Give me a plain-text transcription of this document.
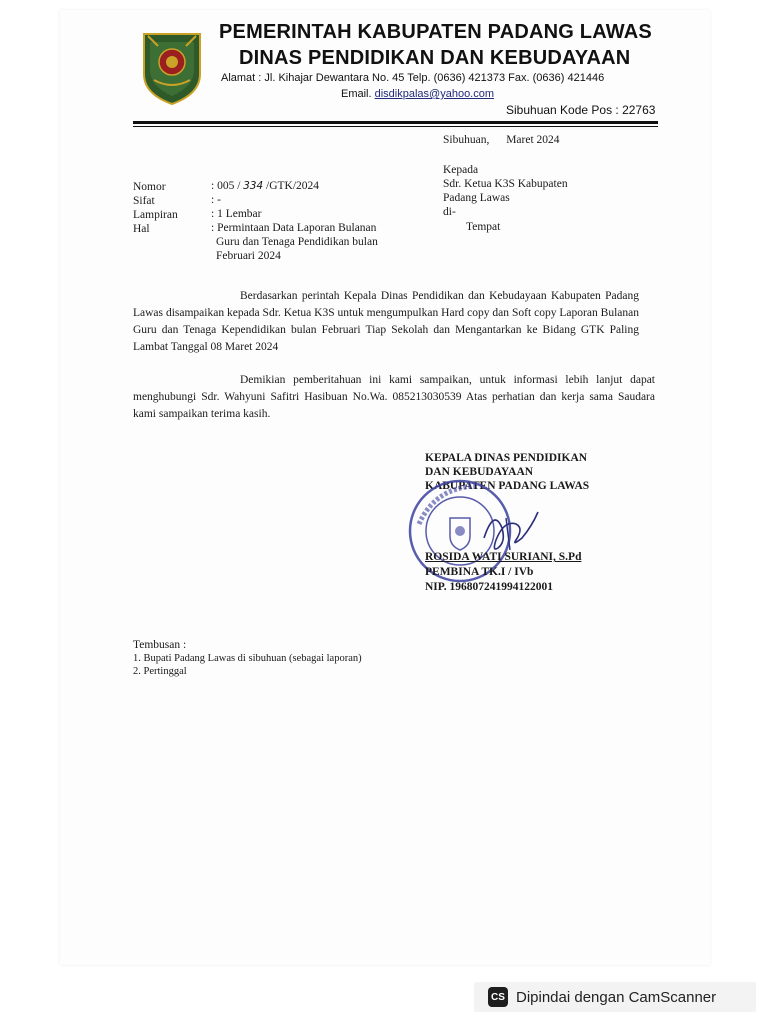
PEMERINTAH KABUPATEN PADANG LAWAS
DINAS PENDIDIKAN DAN KEBUDAYAAN
Alamat : Jl. Kihajar Dewantara No. 45 Telp. (0636) 421373 Fax. (0636) 421446
Email. disdikpalas@yahoo.com
Sibuhuan Kode Pos : 22763
Sibuhuan, Maret 2024
Kepada
Sdr. Ketua K3S Kabupaten
Padang Lawas
di-
Tempat
Nomor	: 005 / 334 /GTK/2024
Sifat	: -
Lampiran	: 1 Lembar
Hal	: Permintaan Data Laporan Bulanan
Guru dan Tenaga Pendidikan bulan
Februari 2024
Berdasarkan perintah Kepala Dinas Pendidikan dan Kebudayaan Kabupaten Padang Lawas disampaikan kepada Sdr. Ketua K3S untuk mengumpulkan Hard copy dan Soft copy Laporan Bulanan Guru dan Tenaga Kependidikan bulan Februari Tiap Sekolah dan Mengantarkan ke Bidang GTK Paling Lambat Tanggal 08 Maret 2024
Demikian pemberitahuan ini kami sampaikan, untuk informasi lebih lanjut dapat menghubungi Sdr. Wahyuni Safitri Hasibuan No.Wa. 085213030539 Atas perhatian dan kerja sama Saudara kami sampaikan terima kasih.
KEPALA DINAS PENDIDIKAN
DAN KEBUDAYAAN
KABUPATEN PADANG LAWAS
ROSIDA WATI SURIANI, S.Pd
PEMBINA TK.I / IVb
NIP. 196807241994122001
Tembusan :
1. Bupati Padang Lawas di sibuhuan (sebagai laporan)
2. Pertinggal
CS Dipindai dengan CamScanner
